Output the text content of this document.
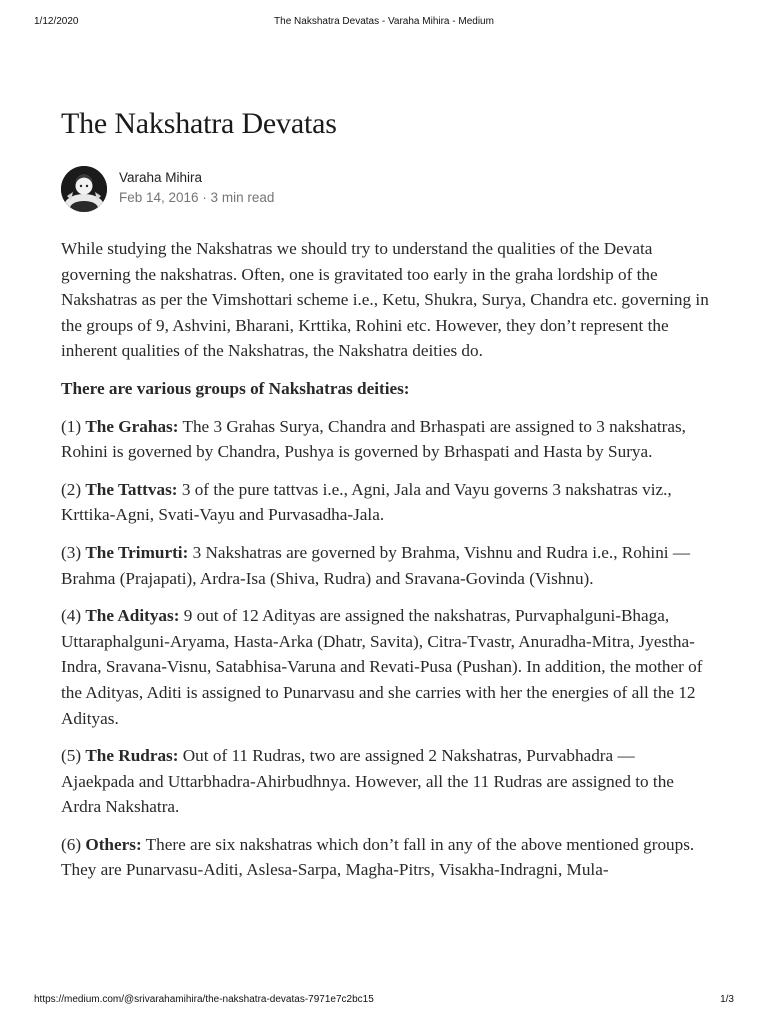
1/12/2020	The Nakshatra Devatas - Varaha Mihira - Medium
The Nakshatra Devatas
Varaha Mihira
Feb 14, 2016 · 3 min read

While studying the Nakshatras we should try to understand the qualities of the Devata governing the nakshatras. Often, one is gravitated too early in the graha lordship of the Nakshatras as per the Vimshottari scheme i.e., Ketu, Shukra, Surya, Chandra etc. governing in the groups of 9, Ashvini, Bharani, Krttika, Rohini etc. However, they don’t represent the inherent qualities of the Nakshatras, the Nakshatra deities do.

There are various groups of Nakshatras deities:

(1) The Grahas: The 3 Grahas Surya, Chandra and Brhaspati are assigned to 3 nakshatras, Rohini is governed by Chandra, Pushya is governed by Brhaspati and Hasta by Surya.

(2) The Tattvas: 3 of the pure tattvas i.e., Agni, Jala and Vayu governs 3 nakshatras viz., Krttika-Agni, Svati-Vayu and Purvasadha-Jala.

(3) The Trimurti: 3 Nakshatras are governed by Brahma, Vishnu and Rudra i.e., Rohini — Brahma (Prajapati), Ardra-Isa (Shiva, Rudra) and Sravana-Govinda (Vishnu).

(4) The Adityas: 9 out of 12 Adityas are assigned the nakshatras, Purvaphalguni-Bhaga, Uttaraphalguni-Aryama, Hasta-Arka (Dhatr, Savita), Citra-Tvastr, Anuradha-Mitra, Jyestha-Indra, Sravana-Visnu, Satabhisa-Varuna and Revati-Pusa (Pushan). In addition, the mother of the Adityas, Aditi is assigned to Punarvasu and she carries with her the energies of all the 12 Adityas.

(5) The Rudras: Out of 11 Rudras, two are assigned 2 Nakshatras, Purvabhadra — Ajaekpada and Uttarbhadra-Ahirbudhnya. However, all the 11 Rudras are assigned to the Ardra Nakshatra.

(6) Others: There are six nakshatras which don’t fall in any of the above mentioned groups. They are Punarvasu-Aditi, Aslesa-Sarpa, Magha-Pitrs, Visakha-Indragni, Mula-

https://medium.com/@srivarahamihira/the-nakshatra-devatas-7971e7c2bc15	1/3
